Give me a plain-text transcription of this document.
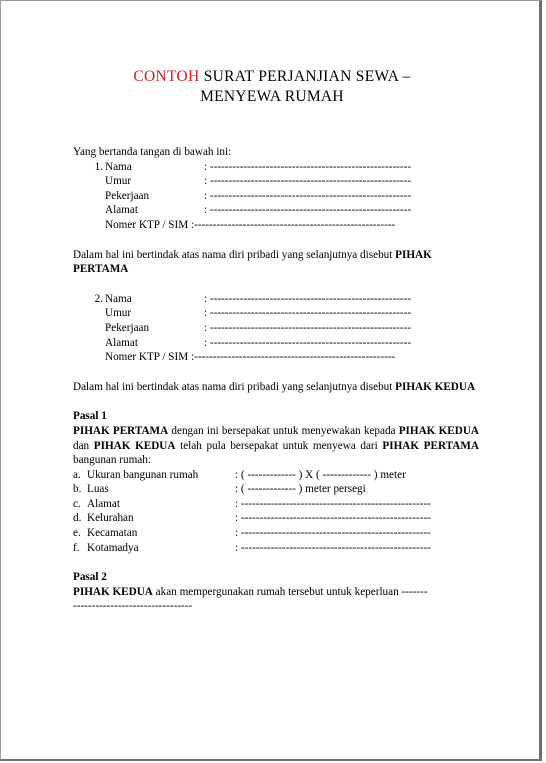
CONTOH SURAT PERJANJIAN SEWA –
MENYEWA RUMAH

Yang bertanda tangan di bawah ini:

1. Nama	: ------------------------------------------------------
Umur	: ------------------------------------------------------
Pekerjaan	: ------------------------------------------------------
Alamat	: ------------------------------------------------------
Nomer KTP / SIM : ------------------------------------------------------

Dalam hal ini bertindak atas nama diri pribadi yang selanjutnya disebut PIHAK PERTAMA

2. Nama	: ------------------------------------------------------
Umur	: ------------------------------------------------------
Pekerjaan	: ------------------------------------------------------
Alamat	: ------------------------------------------------------
Nomer KTP / SIM : ------------------------------------------------------

Dalam hal ini bertindak atas nama diri pribadi yang selanjutnya disebut PIHAK KEDUA

Pasal 1

PIHAK PERTAMA dengan ini bersepakat untuk menyewakan kepada PIHAK KEDUA dan PIHAK KEDUA telah pula bersepakat untuk menyewa dari PIHAK PERTAMA bangunan rumah:

a. Ukuran bangunan rumah	: ( ------------- ) X ( ------------- ) meter
b. Luas	: ( ------------- ) meter persegi
c. Alamat	: ---------------------------------------------------
d. Kelurahan	: ---------------------------------------------------
e. Kecamatan	: ---------------------------------------------------
f. Kotamadya	: ---------------------------------------------------

Pasal 2

PIHAK KEDUA akan mempergunakan rumah tersebut untuk keperluan -------

--------------------------------
